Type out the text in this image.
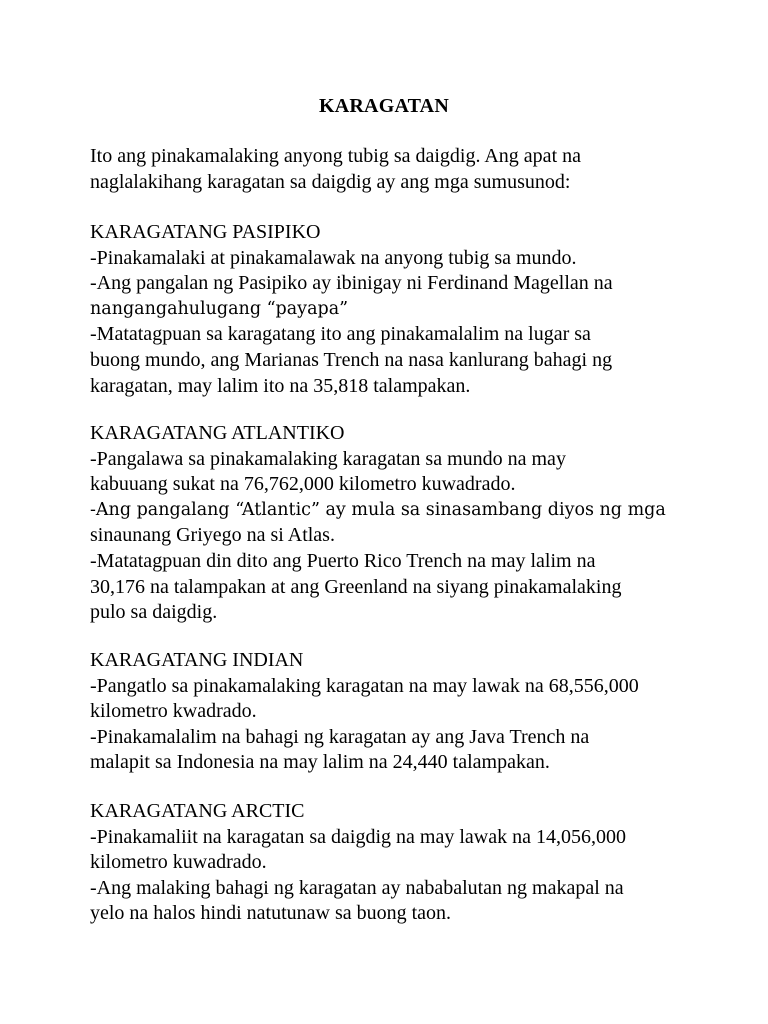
KARAGATAN
Ito ang pinakamalaking anyong tubig sa daigdig. Ang apat na
naglalakihang karagatan sa daigdig ay ang mga sumusunod:
KARAGATANG PASIPIKO
-Pinakamalaki at pinakamalawak na anyong tubig sa mundo.
-Ang pangalan ng Pasipiko ay ibinigay ni Ferdinand Magellan na
nangangahulugang “payapa”
-Matatagpuan sa karagatang ito ang pinakamalalim na lugar sa
buong mundo, ang Marianas Trench na nasa kanlurang bahagi ng
karagatan, may lalim ito na 35,818 talampakan.
KARAGATANG ATLANTIKO
-Pangalawa sa pinakamalaking karagatan sa mundo na may
kabuuang sukat na 76,762,000 kilometro kuwadrado.
-Ang pangalang “Atlantic” ay mula sa sinasambang diyos ng mga
sinaunang Griyego na si Atlas.
-Matatagpuan din dito ang Puerto Rico Trench na may lalim na
30,176 na talampakan at ang Greenland na siyang pinakamalaking
pulo sa daigdig.
KARAGATANG INDIAN
-Pangatlo sa pinakamalaking karagatan na may lawak na 68,556,000
kilometro kwadrado.
-Pinakamalalim na bahagi ng karagatan ay ang Java Trench na
malapit sa Indonesia na may lalim na 24,440 talampakan.
KARAGATANG ARCTIC
-Pinakamaliit na karagatan sa daigdig na may lawak na 14,056,000
kilometro kuwadrado.
-Ang malaking bahagi ng karagatan ay nababalutan ng makapal na
yelo na halos hindi natutunaw sa buong taon.
